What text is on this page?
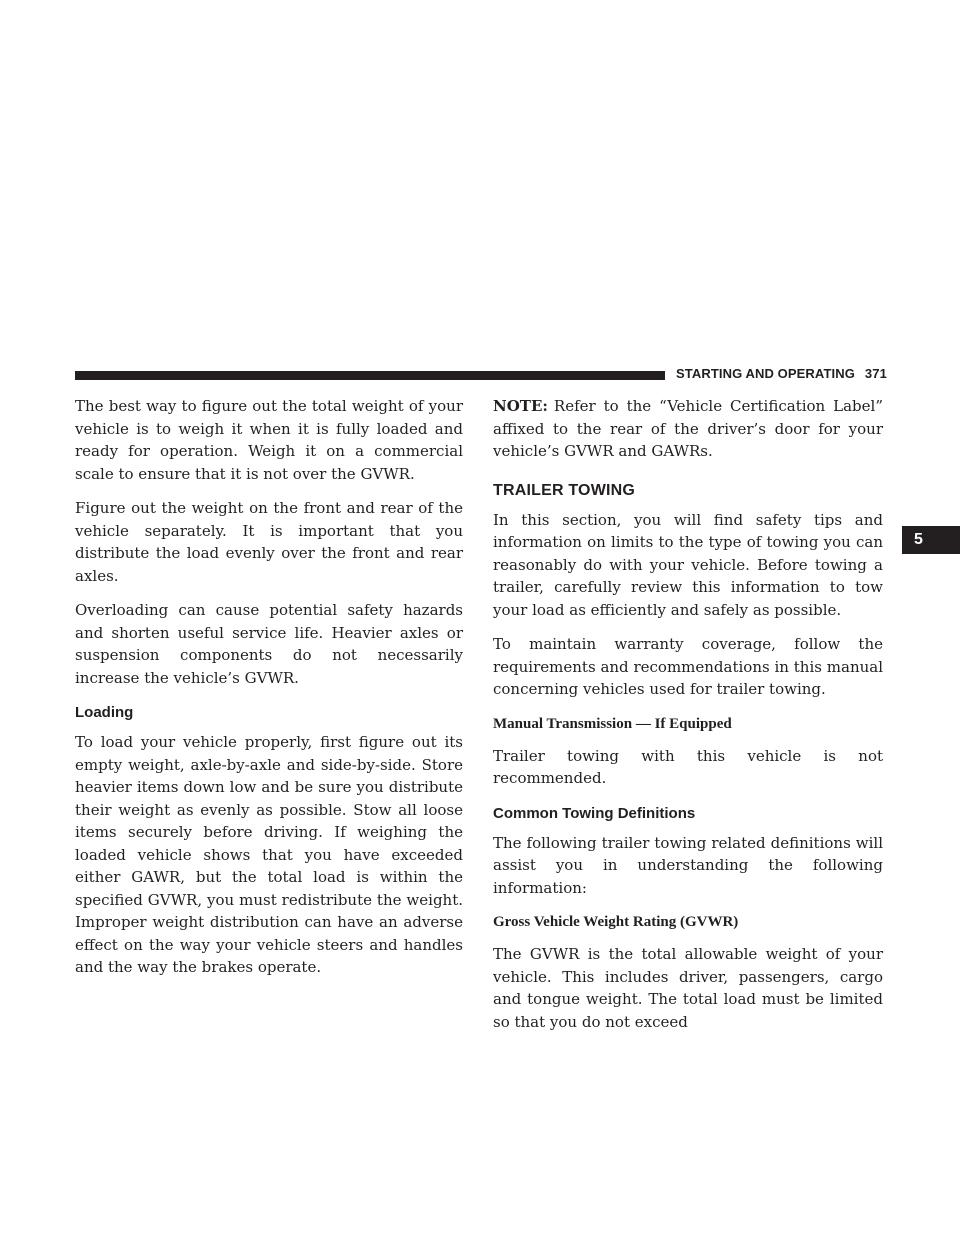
STARTING AND OPERATING 371
5

The best way to figure out the total weight of your vehicle is to weigh it when it is fully loaded and ready for operation. Weigh it on a commercial scale to ensure that it is not over the GVWR.

Figure out the weight on the front and rear of the vehicle separately. It is important that you distribute the load evenly over the front and rear axles.

Overloading can cause potential safety hazards and shorten useful service life. Heavier axles or suspension components do not necessarily increase the vehicle’s GVWR.

Loading

To load your vehicle properly, first figure out its empty weight, axle-by-axle and side-by-side. Store heavier items down low and be sure you distribute their weight as evenly as possible. Stow all loose items securely before driving. If weighing the loaded vehicle shows that you have exceeded either GAWR, but the total load is within the specified GVWR, you must redistribute the weight. Improper weight distribution can have an adverse effect on the way your vehicle steers and handles and the way the brakes operate.

NOTE: Refer to the “Vehicle Certification Label” affixed to the rear of the driver’s door for your vehicle’s GVWR and GAWRs.

TRAILER TOWING

In this section, you will find safety tips and information on limits to the type of towing you can reasonably do with your vehicle. Before towing a trailer, carefully review this information to tow your load as efficiently and safely as possible.

To maintain warranty coverage, follow the requirements and recommendations in this manual concerning vehicles used for trailer towing.

Manual Transmission — If Equipped

Trailer towing with this vehicle is not recommended.

Common Towing Definitions

The following trailer towing related definitions will assist you in understanding the following information:

Gross Vehicle Weight Rating (GVWR)

The GVWR is the total allowable weight of your vehicle. This includes driver, passengers, cargo and tongue weight. The total load must be limited so that you do not exceed
